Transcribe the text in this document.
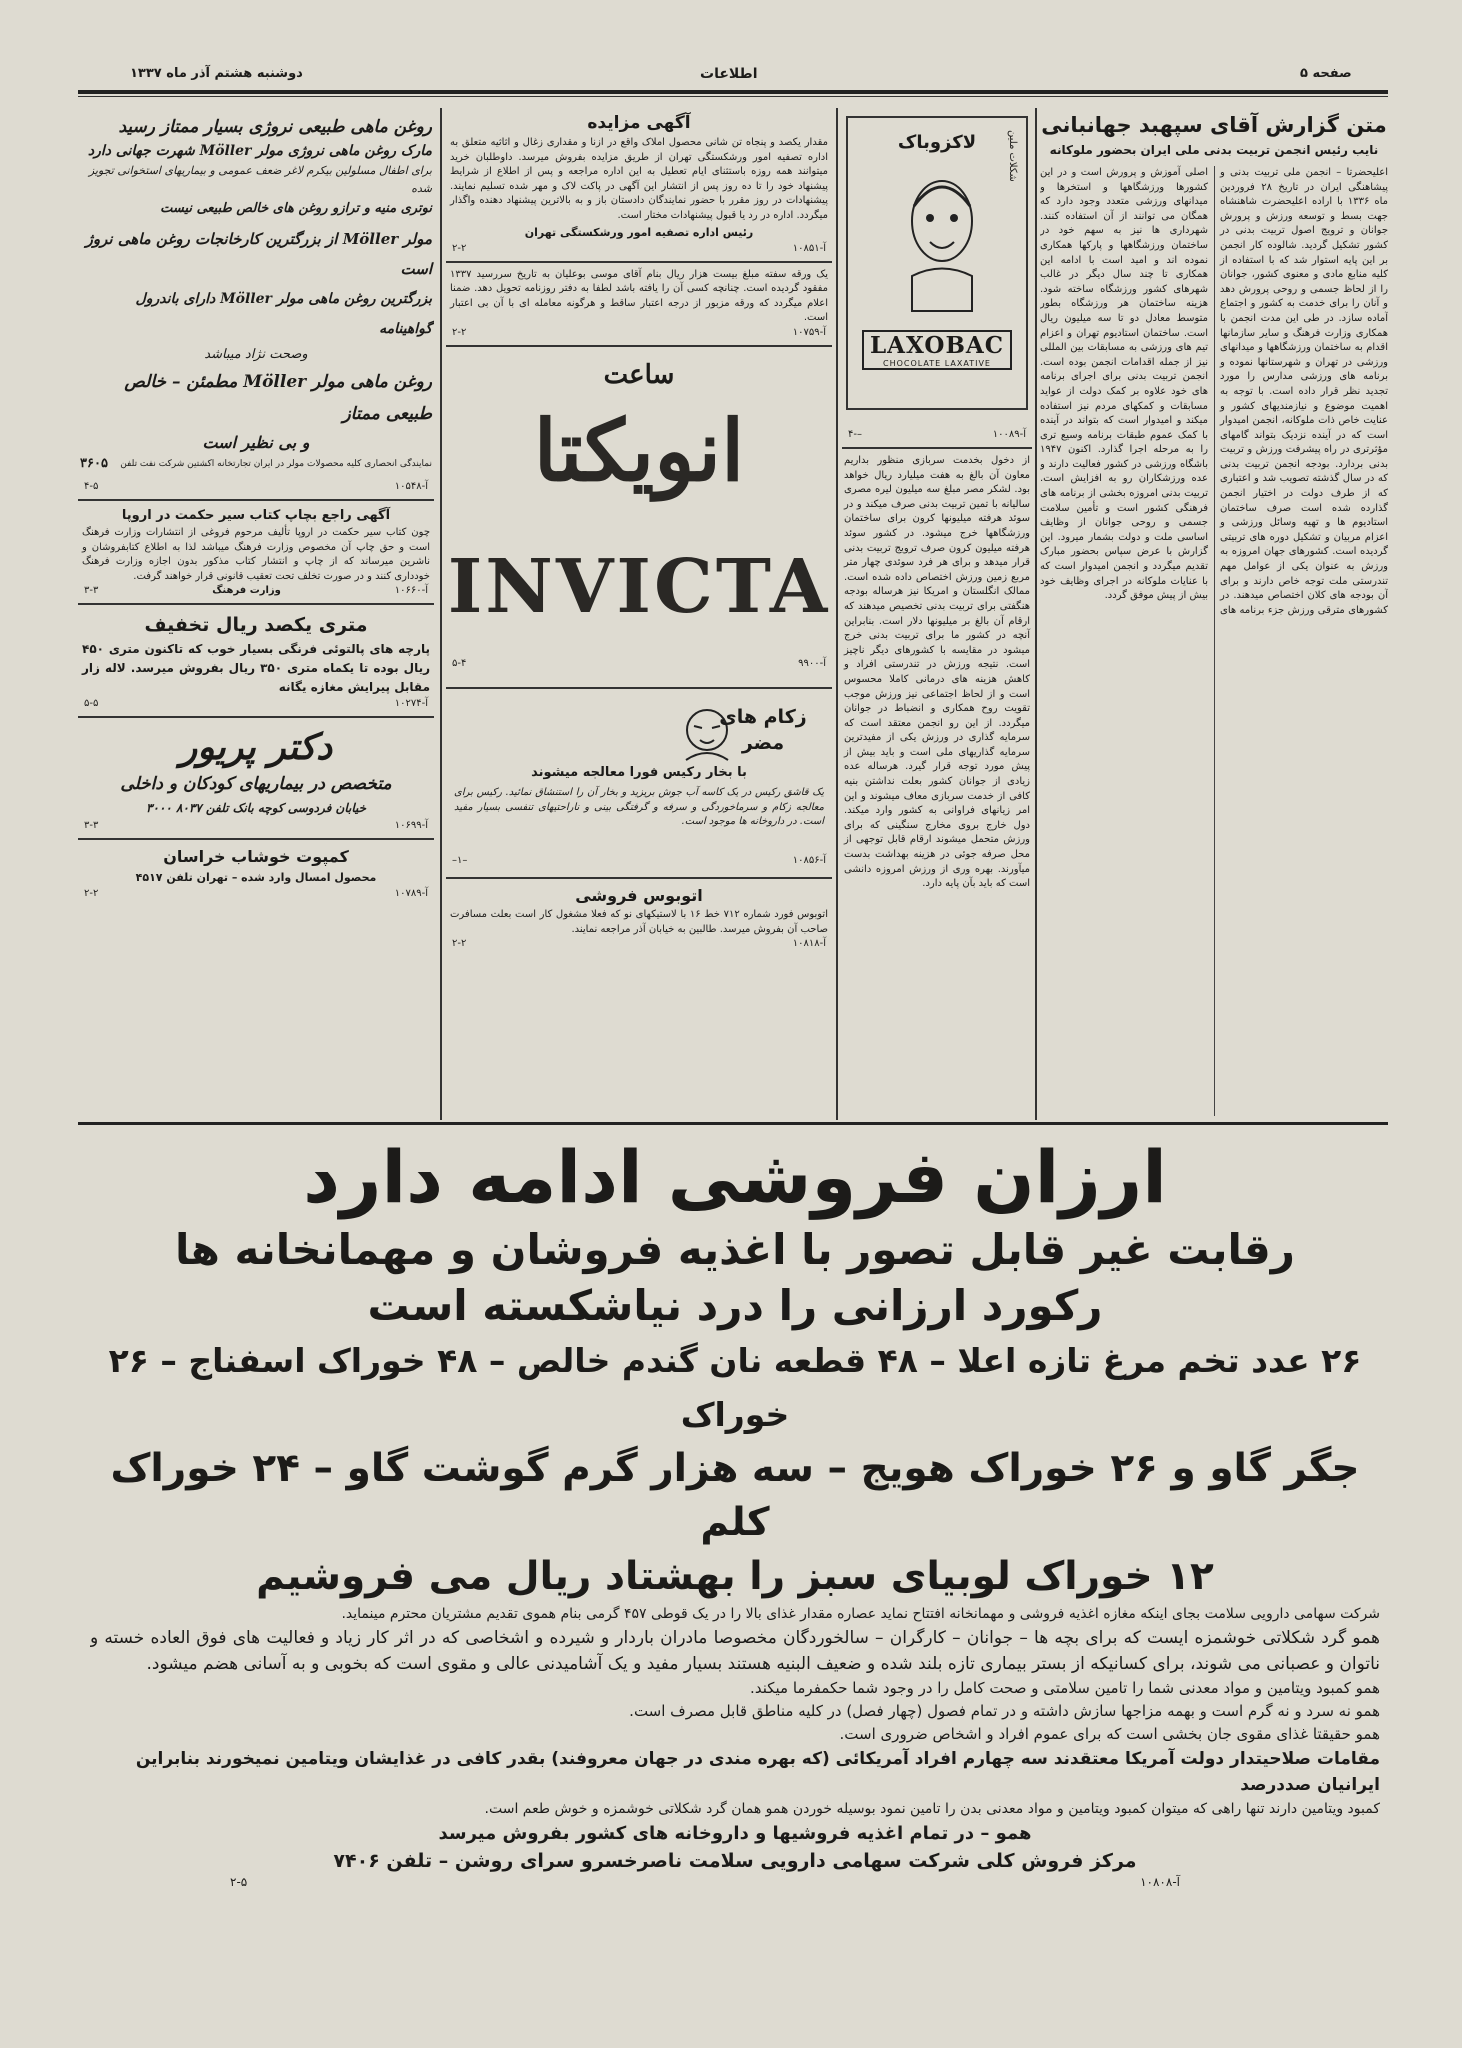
صفحه ۵
اطلاعات
دوشنبه هشتم آذر ماه ۱۳۳۷

متن گزارش آقای سپهبد جهانبانی

نایب رئیس انجمن تربیت بدنی ملی ایران بحضور ملوکانه

اعلیحضرتا – انجمن ملی تربیت بدنی و پیشاهنگی ایران در تاریخ ۲۸ فروردین ماه ۱۳۳۶ با اراده اعلیحضرت شاهنشاه جهت بسط و توسعه ورزش و پرورش جوانان و ترویج اصول تربیت بدنی در کشور تشکیل گردید. شالوده کار انجمن بر این پایه استوار شد که با استفاده از کلیه منابع مادی و معنوی کشور، جوانان را از لحاظ جسمی و روحی پرورش دهد و آنان را برای خدمت به کشور و اجتماع آماده سازد. در طی این مدت انجمن با همکاری وزارت فرهنگ و سایر سازمانها اقدام به ساختمان ورزشگاهها و میدانهای ورزشی در تهران و شهرستانها نموده و برنامه های ورزشی مدارس را مورد تجدید نظر قرار داده است. با توجه به اهمیت موضوع و نیازمندیهای کشور و عنایت خاص ذات ملوکانه، انجمن امیدوار است که در آینده نزدیک بتواند گامهای مؤثرتری در راه پیشرفت ورزش و تربیت بدنی بردارد. بودجه انجمن تربیت بدنی که در سال گذشته تصویب شد و اعتباری که از طرف دولت در اختیار انجمن گذارده شده است صرف ساختمان استادیوم ها و تهیه وسائل ورزشی و اعزام مربیان و تشکیل دوره های تربیتی گردیده است. کشورهای جهان امروزه به ورزش به عنوان یکی از عوامل مهم تندرستی ملت توجه خاص دارند و برای آن بودجه های کلان اختصاص میدهند. در کشورهای مترقی ورزش جزء برنامه های اصلی آموزش و پرورش است و در این کشورها ورزشگاهها و استخرها و میدانهای ورزشی متعدد وجود دارد که همگان می توانند از آن استفاده کنند. شهرداری ها نیز به سهم خود در ساختمان ورزشگاهها و پارکها همکاری نموده اند و امید است با ادامه این همکاری تا چند سال دیگر در غالب شهرهای کشور ورزشگاه ساخته شود. هزینه ساختمان هر ورزشگاه بطور متوسط معادل دو تا سه میلیون ریال است. ساختمان استادیوم تهران و اعزام تیم های ورزشی به مسابقات بین المللی نیز از جمله اقدامات انجمن بوده است. انجمن تربیت بدنی برای اجرای برنامه های خود علاوه بر کمک دولت از عواید مسابقات و کمکهای مردم نیز استفاده میکند و امیدوار است که بتواند در آینده با کمک عموم طبقات برنامه وسیع تری را به مرحله اجرا گذارد. اکنون ۱۹۴۷ باشگاه ورزشی در کشور فعالیت دارند و عده ورزشکاران رو به افزایش است. تربیت بدنی امروزه بخشی از برنامه های فرهنگی کشور است و تأمین سلامت جسمی و روحی جوانان از وظایف اساسی ملت و دولت بشمار میرود. این گزارش با عرض سپاس بحضور مبارک تقدیم میگردد و انجمن امیدوار است که با عنایات ملوکانه در اجرای وظایف خود بیش از پیش موفق گردد.

شکلات ملین
لاکزوباک
LAXOBAC
CHOCOLATE LAXATIVE
۴-–	آ-۱۰۰۸۹

از دخول بخدمت سربازی منظور بداریم معاون آن بالغ به هفت میلیارد ریال خواهد بود. لشکر مصر مبلغ سه میلیون لیره مصری سالیانه با تمین تربیت بدنی صرف میکند و در سوئد هرفته میلیونها کرون برای ساختمان ورزشگاهها خرج میشود. در کشور سوئد هرفته میلیون کرون صرف ترویج تربیت بدنی قرار میدهد و برای هر فرد سوئدی چهار متر مربع زمین ورزش اختصاص داده شده است. ممالک انگلستان و امریکا نیز هرساله بودجه هنگفتی برای تربیت بدنی تخصیص میدهند که ارقام آن بالغ بر میلیونها دلار است. بنابراین آنچه در کشور ما برای تربیت بدنی خرج میشود در مقایسه با کشورهای دیگر ناچیز است. نتیجه ورزش در تندرستی افراد و کاهش هزینه های درمانی کاملا محسوس است و از لحاظ اجتماعی نیز ورزش موجب تقویت روح همکاری و انضباط در جوانان میگردد. از این رو انجمن معتقد است که سرمایه گذاری در ورزش یکی از مفیدترین سرمایه گذاریهای ملی است و باید بیش از پیش مورد توجه قرار گیرد. هرساله عده زیادی از جوانان کشور بعلت نداشتن بنیه کافی از خدمت سربازی معاف میشوند و این امر زیانهای فراوانی به کشور وارد میکند. دول خارج بروی مخارج سنگینی که برای ورزش متحمل میشوند ارقام قابل توجهی از محل صرفه جوئی در هزینه بهداشت بدست میآورند. بهره وری از ورزش امروزه دانشی است که باید بآن پایه دارد.

آگهی مزایده

مقدار یکصد و پنجاه تن شانی محصول املاک واقع در ازنا و مقداری زغال و اثاثیه متعلق به اداره تصفیه امور ورشکستگی تهران از طریق مزایده بفروش میرسد. داوطلبان خرید میتوانند همه روزه باستثنای ایام تعطیل به این اداره مراجعه و پس از اطلاع از شرایط پیشنهاد خود را تا ده روز پس از انتشار این آگهی در پاکت لاک و مهر شده تسلیم نمایند. پیشنهادات در روز مقرر با حضور نمایندگان دادستان باز و به بالاترین پیشنهاد دهنده واگذار میگردد. اداره در رد یا قبول پیشنهادات مختار است.

رئیس اداره تصفیه امور ورشکستگی تهران

۲-۲	آ-۱۰۸۵۱

یک ورقه سفته مبلغ بیست هزار ریال بنام آقای موسی بوعلیان به تاریخ سررسید ۱۳۳۷ مفقود گردیده است. چنانچه کسی آن را یافته باشد لطفا به دفتر روزنامه تحویل دهد. ضمنا اعلام میگردد که ورقه مزبور از درجه اعتبار ساقط و هرگونه معامله ای با آن بی اعتبار است.

۲-۲	آ-۱۰۷۵۹
ساعت
انویکتا
INVICTA
۵-۴	آ-۹۹۰۰

زکام های مضر

با بخار رکیس فورا معالجه میشوند

یک قاشق رکیس در یک کاسه آب جوش بریزید و بخار آن را استنشاق نمائید. رکیس برای معالجه زکام و سرماخوردگی و سرفه و گرفتگی بینی و ناراحتیهای تنفسی بسیار مفید است. در داروخانه ها موجود است.

–۱–	آ-۱۰۸۵۶

اتوبوس فروشی

اتوبوس فورد شماره ۷۱۲ خط ۱۶ با لاستیکهای نو که فعلا مشغول کار است بعلت مسافرت صاحب آن بفروش میرسد. طالبین به خیابان آذر مراجعه نمایند.

۲-۲	آ-۱۰۸۱۸

روغن ماهی طبیعی نروژی بسیار ممتاز رسید

مارک روغن ماهی نروژی مولر Möller شهرت جهانی دارد

برای اطفال مسلولین بیکرم لاغر ضعف عمومی و بیماریهای استخوانی تجویز شده

نوتری منیه و ترازو روغن های خالص طبیعی نیست

مولر Möller از بزرگترین کارخانجات روغن ماهی نروژ است

بزرگترین روغن ماهی مولر Möller دارای باندرول گواهینامه

وصحت نژاد میباشد

روغن ماهی مولر Möller مطمئن – خالص طبیعی ممتاز

و بی نظیر است

نمایندگی انحصاری کلیه محصولات مولر در ایران تجارتخانه اکشتین شرکت نفت تلفن
۳۶۰۵
۴-۵	آ-۱۰۵۴۸

آگهی راجع بچاپ کتاب سیر حکمت در اروپا

چون کتاب سیر حکمت در اروپا تألیف مرحوم فروغی از انتشارات وزارت فرهنگ است و حق چاپ آن مخصوص وزارت فرهنگ میباشد لذا به اطلاع کتابفروشان و ناشرین میرساند که از چاپ و انتشار کتاب مذکور بدون اجازه وزارت فرهنگ خودداری کنند و در صورت تخلف تحت تعقیب قانونی قرار خواهند گرفت.

۳-۳	وزارت فرهنگ	آ-۱۰۶۶۰

متری یکصد ریال تخفیف

پارچه های پالتوئی فرنگی بسیار خوب که تاکنون متری ۴۵۰ ریال بوده تا یکماه متری ۳۵۰ ریال بفروش میرسد. لاله زار مقابل پیرایش مغازه یگانه

۵-۵	آ-۱۰۲۷۴

دکتر پریور

متخصص در بیماریهای کودکان و داخلی

خیابان فردوسی کوچه بانک تلفن ۸۰۳۷ ۳۰۰۰

۳-۳	آ-۱۰۶۹۹

کمپوت خوشاب خراسان

محصول امسال وارد شده – تهران تلفن ۴۵۱۷

۲-۲	آ-۱۰۷۸۹

ارزان فروشی ادامه دارد

رقابت غیر قابل تصور با اغذیه فروشان و مهمانخانه ها

رکورد ارزانی را درد نیاشکسته است

۲۶ عدد تخم مرغ تازه اعلا – ۴۸ قطعه نان گندم خالص – ۴۸ خوراک اسفناج – ۲۶ خوراک

جگر گاو و ۲۶ خوراک هویج – سه هزار گرم گوشت گاو – ۲۴ خوراک کلم

۱۲ خوراک لوبیای سبز را بهشتاد ریال می فروشیم

شرکت سهامی دارویی سلامت بجای اینکه مغازه اغذیه فروشی و مهمانخانه افتتاح نماید عصاره مقدار غذای بالا را در یک قوطی ۴۵۷ گرمی بنام هموی تقدیم مشتریان محترم مینماید.

همو گرد شکلاتی خوشمزه ایست که برای بچه ها – جوانان – کارگران – سالخوردگان مخصوصا مادران باردار و شیرده و اشخاصی که در اثر کار زیاد و فعالیت های فوق العاده خسته و ناتوان و عصبانی می شوند، برای کسانیکه از بستر بیماری تازه بلند شده و ضعیف البنیه هستند بسیار مفید و یک آشامیدنی عالی و مقوی است که بخوبی و به آسانی هضم میشود.

همو کمبود ویتامین و مواد معدنی شما را تامین سلامتی و صحت کامل را در وجود شما حکمفرما میکند.

همو نه سرد و نه گرم است و بهمه مزاجها سازش داشته و در تمام فصول (چهار فصل) در کلیه مناطق قابل مصرف است.

همو حقیقتا غذای مقوی جان بخشی است که برای عموم افراد و اشخاص ضروری است.

مقامات صلاحیتدار دولت آمریکا معتقدند سه چهارم افراد آمریکائی (که بهره مندی در جهان معروفند) بقدر کافی در غذایشان ویتامین نمیخورند بنابراین ایرانیان صددرصد

کمبود ویتامین دارند تنها راهی که میتوان کمبود ویتامین و مواد معدنی بدن را تامین نمود بوسیله خوردن همو همان گرد شکلاتی خوشمزه و خوش طعم است.

همو – در تمام اغذیه فروشیها و داروخانه های کشور بفروش میرسد

مرکز فروش کلی شرکت سهامی دارویی سلامت ناصرخسرو سرای روشن – تلفن ۷۴۰۶

۲-۵	آ-۱۰۸۰۸
